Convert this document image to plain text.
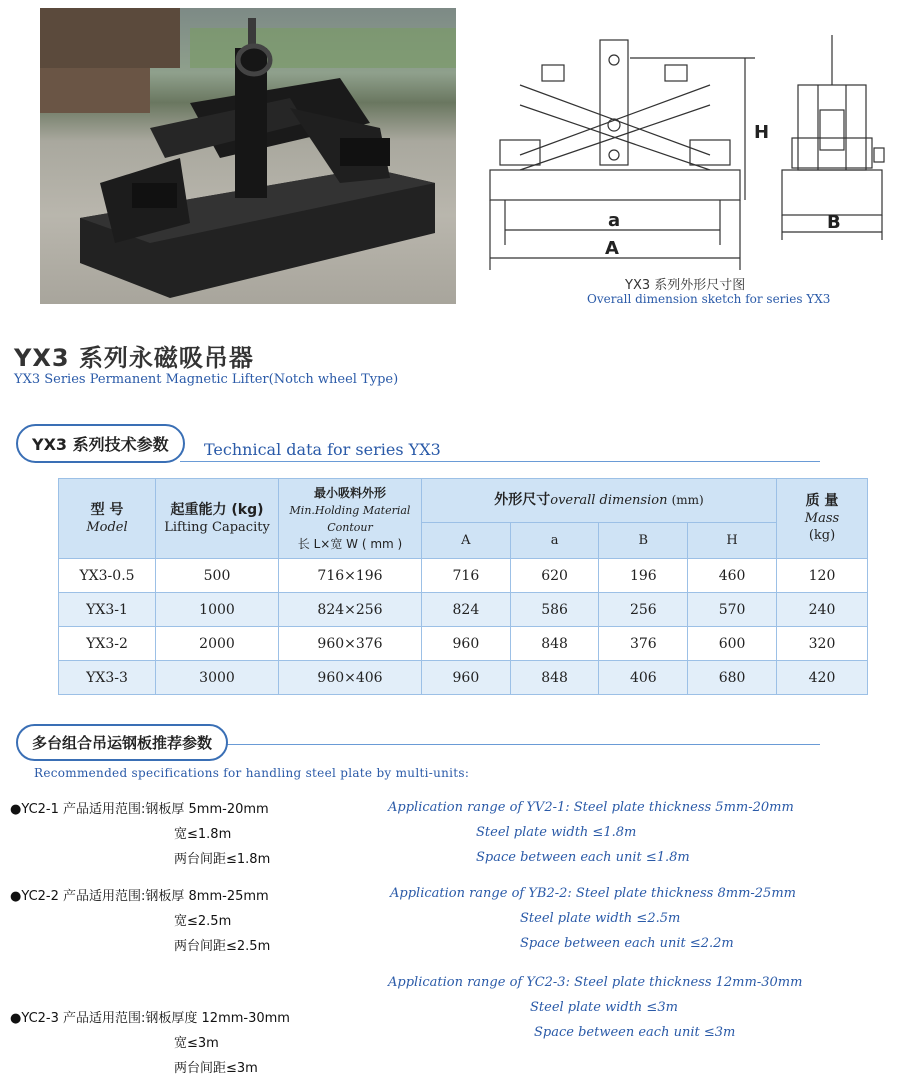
a
A
H
B
YX3 系列外形尺寸图
Overall dimension sketch for series YX3
YX3 系列永磁吸吊器
YX3 Series Permanent Magnetic Lifter(Notch wheel Type)
YX3 系列技术参数	Technical data for series YX3
型 号
Model	起重能力 (kg)
Lifting Capacity	最小吸料外形
Min.Holding Material Contour
长 L×宽 W ( mm )	外形尺寸overall dimension (mm)				质 量
Mass
(kg)
			A	a	B	H	
YX3-0.5	500	716×196	716	620	196	460	120
YX3-1	1000	824×256	824	586	256	570	240
YX3-2	2000	960×376	960	848	376	600	320
YX3-3	3000	960×406	960	848	406	680	420
多台组合吊运钢板推荐参数
Recommended specifications for handling steel plate by multi-units:
●YC2-1 产品适用范围:钢板厚 5mm-20mm
宽≤1.8m
两台间距≤1.8m
Application range of YV2-1: Steel plate thickness 5mm-20mm
Steel plate width ≤1.8m
Space between each unit ≤1.8m
●YC2-2 产品适用范围:钢板厚 8mm-25mm
宽≤2.5m
两台间距≤2.5m
Application range of YB2-2: Steel plate thickness 8mm-25mm
Steel plate width ≤2.5m
Space between each unit ≤2.2m
●YC2-3 产品适用范围:钢板厚度 12mm-30mm
宽≤3m
两台间距≤3m
Application range of YC2-3: Steel plate thickness 12mm-30mm
Steel plate width ≤3m
Space between each unit ≤3m
